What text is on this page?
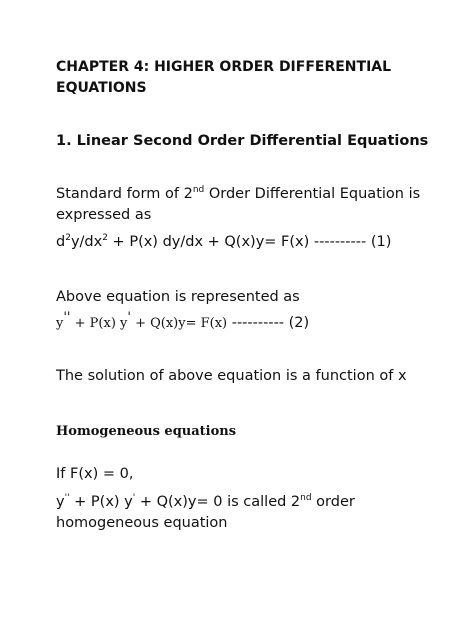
CHAPTER 4: HIGHER ORDER DIFFERENTIAL
EQUATIONS
1. Linear Second Order Differential Equations
Standard form of 2nd Order Differential Equation is
expressed as
$d^2y/dx^2 + P(x) dy/dx + Q(x)y= F(x)$ ---------- (1)
Above equation is represented as
y'' + P(x) y' + Q(x)y= F(x) ---------- (2)
The solution of above equation is a function of x
Homogeneous equations
If F(x) = 0,
y'' + P(x) y' + Q(x)y= 0 is called 2nd order
homogeneous equation
